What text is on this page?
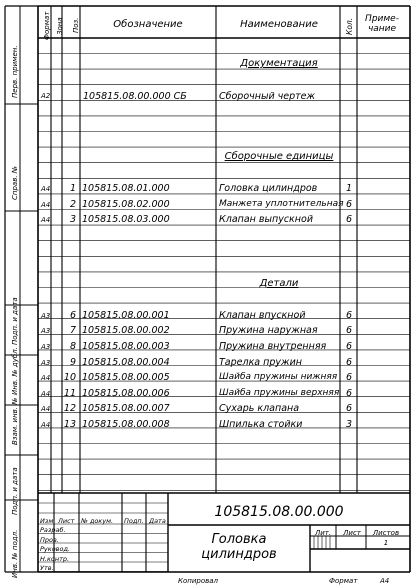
Формат Зона Поз.	Обозначение	Наименование	Кол. Приме-
чание
Перв. примен.
Справ. №
Подп. и дата
Инв. № дубл.
Взам. инв. №
Подп. и дата
Инв. № подл.
Документация
Сборочные единицы
Детали
А2	105815.08.00.000 СБ	Сборочный чертеж
А4 1 105815.08.01.000	Головка цилиндров	1
А4 2 105815.08.02.000	Манжета уплотнительная 6
А4 3 105815.08.03.000	Клапан выпускной	6
А3 6 105815.08.00.001	Клапан впускной	6
А3 7 105815.08.00.002	Пружина наружная	6
А3 8 105815.08.00.003	Пружина внутренняя 6
А3 9 105815.08.00.004	Тарелка пружин	6
А4 10 105815.08.00.005	Шайба пружины нижняя 6
А4 11 105815.08.00.006	Шайба пружины верхняя 6
А4 12 105815.08.00.007	Сухарь клапана	6
А4 13 105815.08.00.008	Шпилька стойки	3
105815.08.00.000
Головка
цилиндров
Изм. Лист № докум. Подп. Дата
Разраб.
Пров.
Руковод.
Н.контр.
Утв.
Лит. Лист Листов
1
Копировал	Формат	А4
